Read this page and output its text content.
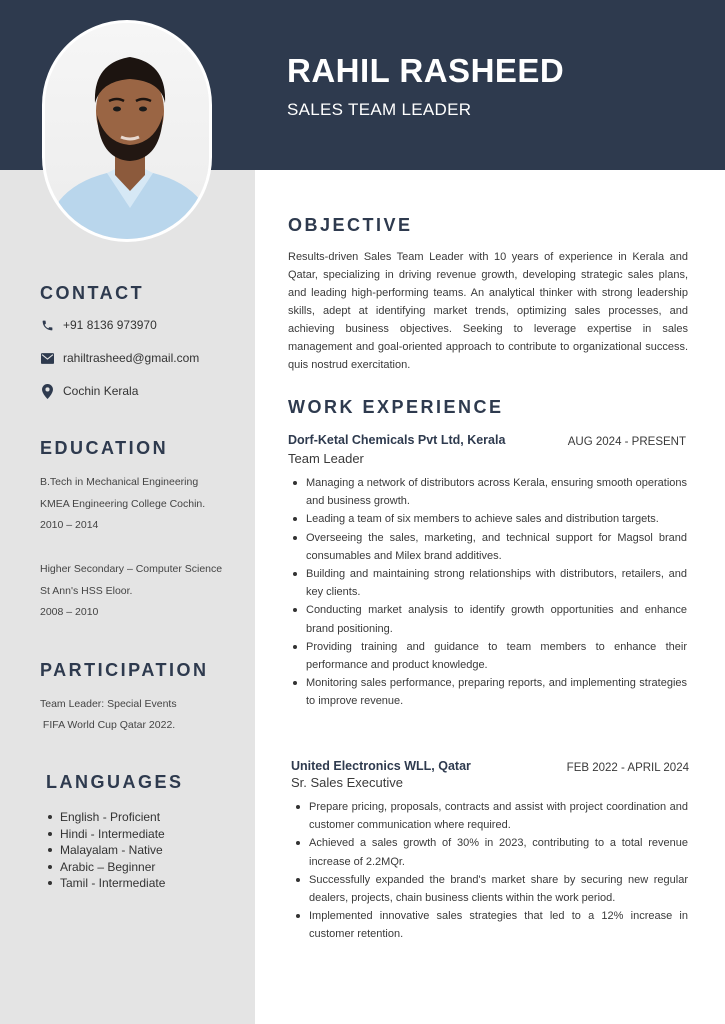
RAHIL RASHEED
SALES TEAM LEADER
CONTACT
+91 8136 973970
rahiltrasheed@gmail.com
Cochin Kerala
EDUCATION
B.Tech in Mechanical Engineering
KMEA Engineering College Cochin.
2010 – 2014
Higher Secondary – Computer Science
St Ann's HSS Eloor.
2008 – 2010
PARTICIPATION
Team Leader: Special Events
FIFA World Cup Qatar 2022.
LANGUAGES
English - Proficient
Hindi - Intermediate
Malayalam - Native
Arabic – Beginner
Tamil - Intermediate
OBJECTIVE
Results-driven Sales Team Leader with 10 years of experience in Kerala and Qatar, specializing in driving revenue growth, developing strategic sales plans, and leading high-performing teams. An analytical thinker with strong leadership skills, adept at identifying market trends, optimizing sales processes, and achieving business objectives. Seeking to leverage expertise in sales management and goal-oriented approach to contribute to organizational success. quis nostrud exercitation.
WORK EXPERIENCE
Dorf-Ketal Chemicals Pvt Ltd, Kerala	AUG 2024 - PRESENT
Team Leader
Managing a network of distributors across Kerala, ensuring smooth operations and business growth.
Leading a team of six members to achieve sales and distribution targets.
Overseeing the sales, marketing, and technical support for Magsol brand consumables and Milex brand additives.
Building and maintaining strong relationships with distributors, retailers, and key clients.
Conducting market analysis to identify growth opportunities and enhance brand positioning.
Providing training and guidance to team members to enhance their performance and product knowledge.
Monitoring sales performance, preparing reports, and implementing strategies to improve revenue.
United Electronics WLL, Qatar	FEB 2022 - APRIL 2024
Sr. Sales Executive
Prepare pricing, proposals, contracts and assist with project coordination and customer communication where required.
Achieved a sales growth of 30% in 2023, contributing to a total revenue increase of 2.2MQr.
Successfully expanded the brand's market share by securing new regular dealers, projects, chain business clients within the work period.
Implemented innovative sales strategies that led to a 12% increase in customer retention.
